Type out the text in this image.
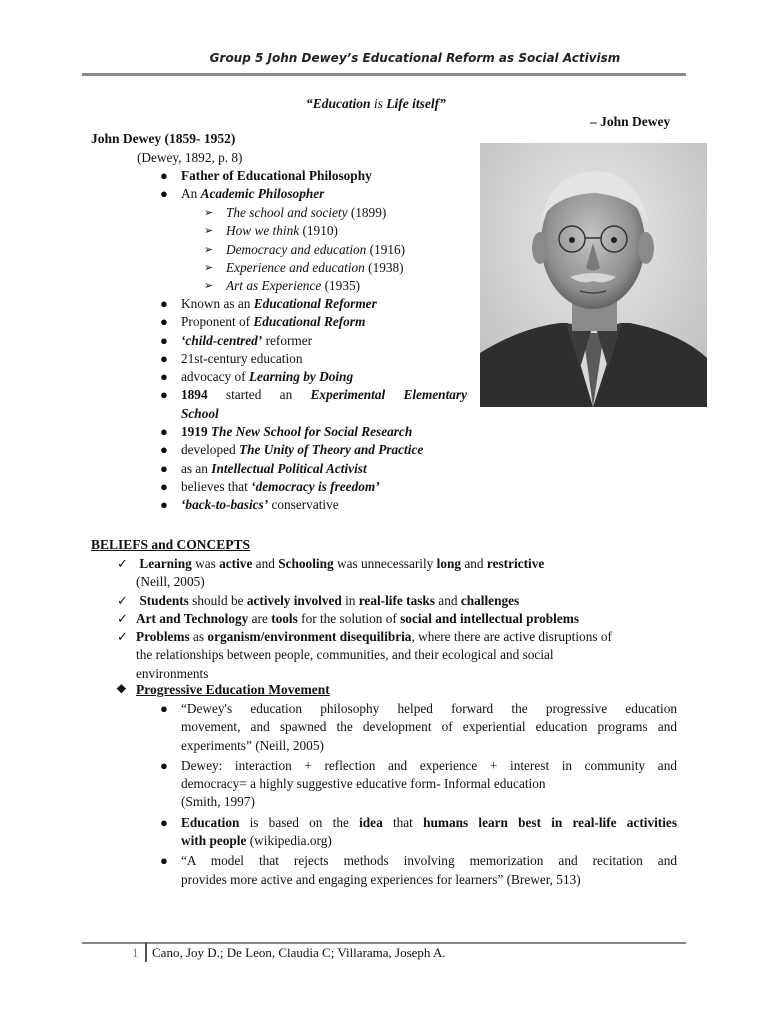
Group 5 John Dewey’s Educational Reform as Social Activism
“Education is Life itself”
– John Dewey
John Dewey (1859- 1952)
(Dewey, 1892, p. 8)
● Father of Educational Philosophy
● An Academic Philosopher
➢ The school and society (1899)
➢ How we think (1910)
➢ Democracy and education (1916)
➢ Experience and education (1938)
➢ Art as Experience (1935)
● Known as an Educational Reformer
● Proponent of Educational Reform
● ‘child-centred’ reformer
● 21st-century education
● advocacy of Learning by Doing
● 1894 started an Experimental Elementary School
● 1919 The New School for Social Research
● developed The Unity of Theory and Practice
● as an Intellectual Political Activist
● believes that ‘democracy is freedom’
● ‘back-to-basics’ conservative
BELIEFS and CONCEPTS
✓ Learning was active and Schooling was unnecessarily long and restrictive
(Neill, 2005)
✓ Students should be actively involved in real-life tasks and challenges
✓ Art and Technology are tools for the solution of social and intellectual problems
✓ Problems as organism/environment disequilibria, where there are active disruptions of
the relationships between people, communities, and their ecological and social
environments
❖ Progressive Education Movement
● “Dewey's education philosophy helped forward the progressive education
movement, and spawned the development of experiential education programs and
experiments” (Neill, 2005)
● Dewey: interaction + reflection and experience + interest in community and
democracy= a highly suggestive educative form- Informal education
(Smith, 1997)
● Education is based on the idea that humans learn best in real-life activities
with people (wikipedia.org)
● “A model that rejects methods involving memorization and recitation and
provides more active and engaging experiences for learners” (Brewer, 513)
1 Cano, Joy D.; De Leon, Claudia C; Villarama, Joseph A.
